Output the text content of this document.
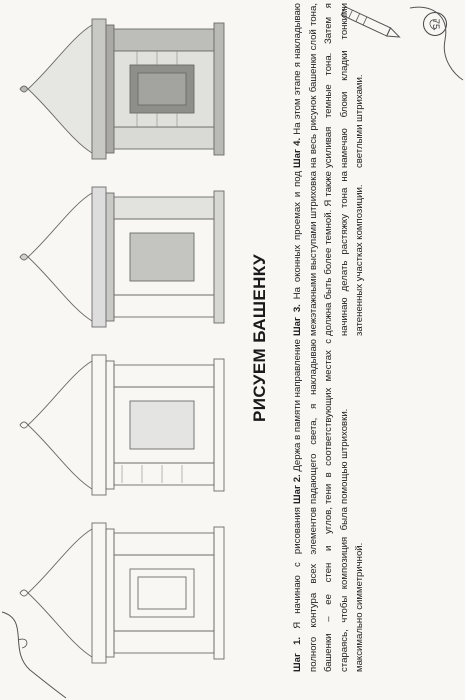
75
РИСУЕМ БАШЕНКУ
Шаг 1. Я начинаю с рисования полного контура всех элементов башенки – ее стен и углов, стараясь, чтобы композиция была максимально симметричной.
Шаг 2. Держа в памяти направление падающего света, я накладываю тени в соответствующих местах с помощью штриховки.
Шаг 3. На оконных проемах и под межэтажными выступами штриховка должна быть более темной. Я также начинаю делать растяжку тона на затененных участках композиции.
Шаг 4. На этом этапе я накладываю на весь рисунок башенки слой тона, усиливая темные тона. Затем я намечаю блоки кладки тонкими светлыми штрихами.
